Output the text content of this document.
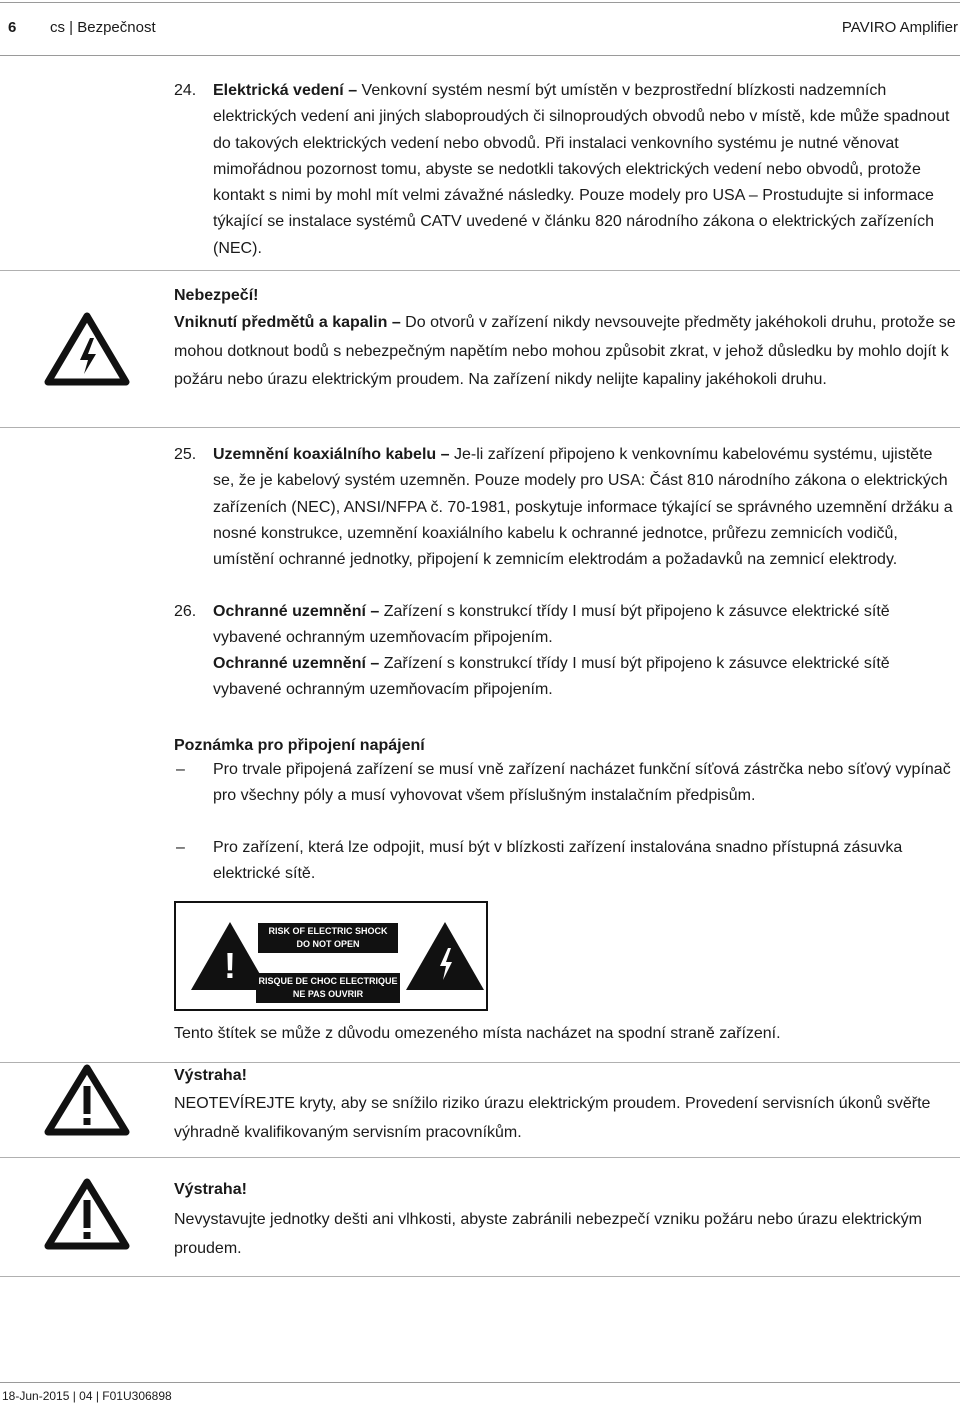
6 cs | Bezpečnost	PAVIRO Amplifier
24. Elektrická vedení – Venkovní systém nesmí být umístěn v bezprostřední blízkosti nadzemních elektrických vedení ani jiných slaboproudých či silnoproudých obvodů nebo v místě, kde může spadnout do takových elektrických vedení nebo obvodů. Při instalaci venkovního systému je nutné věnovat mimořádnou pozornost tomu, abyste se nedotkli takových elektrických vedení nebo obvodů, protože kontakt s nimi by mohl mít velmi závažné následky. Pouze modely pro USA – Prostudujte si informace týkající se instalace systémů CATV uvedené v článku 820 národního zákona o elektrických zařízeních (NEC).
Nebezpečí!
Vniknutí předmětů a kapalin – Do otvorů v zařízení nikdy nevsouvejte předměty jakéhokoli druhu, protože se mohou dotknout bodů s nebezpečným napětím nebo mohou způsobit zkrat, v jehož důsledku by mohlo dojít k požáru nebo úrazu elektrickým proudem. Na zařízení nikdy nelijte kapaliny jakéhokoli druhu.
25. Uzemnění koaxiálního kabelu – Je-li zařízení připojeno k venkovnímu kabelovému systému, ujistěte se, že je kabelový systém uzemněn. Pouze modely pro USA: Část 810 národního zákona o elektrických zařízeních (NEC), ANSI/NFPA č. 70-1981, poskytuje informace týkající se správného uzemnění držáku a nosné konstrukce, uzemnění koaxiálního kabelu k ochranné jednotce, průřezu zemnicích vodičů, umístění ochranné jednotky, připojení k zemnicím elektrodám a požadavků na zemnicí elektrody.
26. Ochranné uzemnění – Zařízení s konstrukcí třídy I musí být připojeno k zásuvce elektrické sítě vybavené ochranným uzemňovacím připojením.
Ochranné uzemnění – Zařízení s konstrukcí třídy I musí být připojeno k zásuvce elektrické sítě vybavené ochranným uzemňovacím připojením.
Poznámka pro připojení napájení
– Pro trvale připojená zařízení se musí vně zařízení nacházet funkční síťová zástrčka nebo síťový vypínač pro všechny póly a musí vyhovovat všem příslušným instalačním předpisům.
– Pro zařízení, která lze odpojit, musí být v blízkosti zařízení instalována snadno přístupná zásuvka elektrické sítě.
!
RISK OF ELECTRIC SHOCK
DO NOT OPEN
RISQUE DE CHOC ELECTRIQUE
NE PAS OUVRIR
Tento štítek se může z důvodu omezeného místa nacházet na spodní straně zařízení.
Výstraha!
NEOTEVÍREJTE kryty, aby se snížilo riziko úrazu elektrickým proudem. Provedení servisních úkonů svěřte výhradně kvalifikovaným servisním pracovníkům.
Výstraha!
Nevystavujte jednotky dešti ani vlhkosti, abyste zabránili nebezpečí vzniku požáru nebo úrazu elektrickým proudem.
18-Jun-2015 | 04 | F01U306898
